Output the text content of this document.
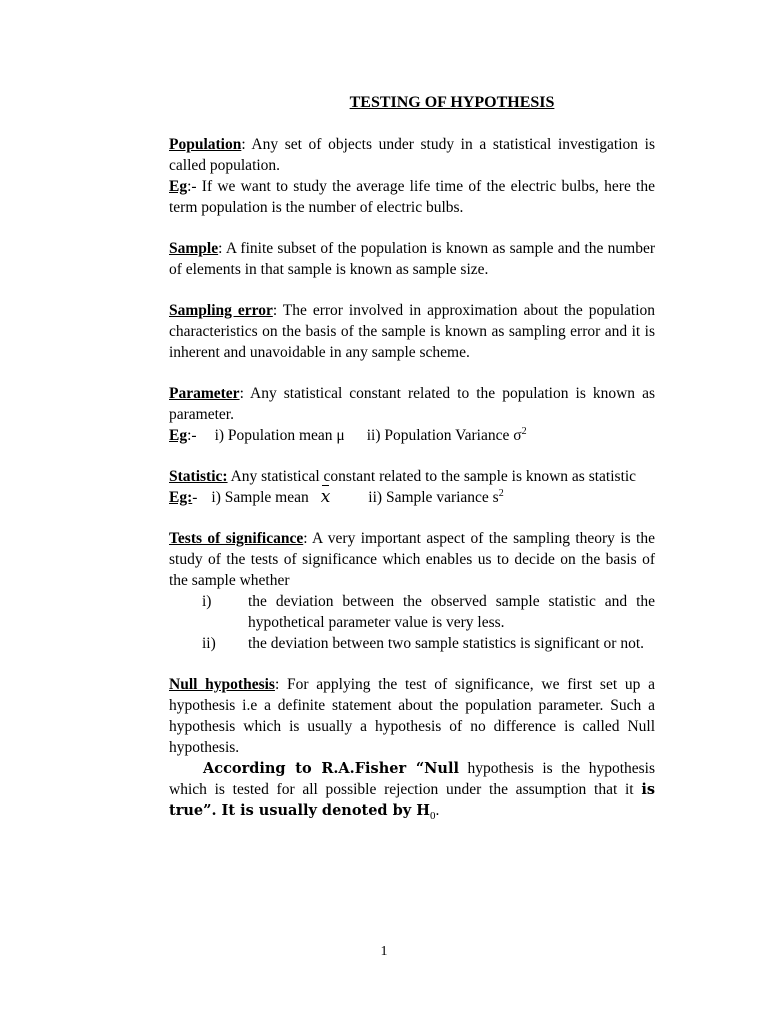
TESTING OF HYPOTHESIS

Population: Any set of objects under study in a statistical investigation is called population.

Eg:- If we want to study the average life time of the electric bulbs, here the term population is the number of electric bulbs.

Sample: A finite subset of the population is known as sample and the number of elements in that sample is known as sample size.

Sampling error: The error involved in approximation about the population characteristics on the basis of the sample is known as sampling error and it is inherent and unavoidable in any sample scheme.

Parameter: Any statistical constant related to the population is known as parameter.

Eg:- i) Population mean μ ii) Population Variance $\sigma^2$

Statistic: Any statistical constant related to the sample is known as statistic

Eg:- i) Sample mean x ii) Sample variance $s^2$

Tests of significance: A very important aspect of the sampling theory is the study of the tests of significance which enables us to decide on the basis of the sample whether

i)	the deviation between the observed sample statistic and the hypothetical parameter value is very less.
ii)	the deviation between two sample statistics is significant or not.

Null hypothesis: For applying the test of significance, we first set up a hypothesis i.e a definite statement about the population parameter. Such a hypothesis which is usually a hypothesis of no difference is called Null hypothesis.

According to R.A.Fisher “Null hypothesis is the hypothesis which is tested for all possible rejection under the assumption that it is true”. It is usually denoted by $H_0$.

1
